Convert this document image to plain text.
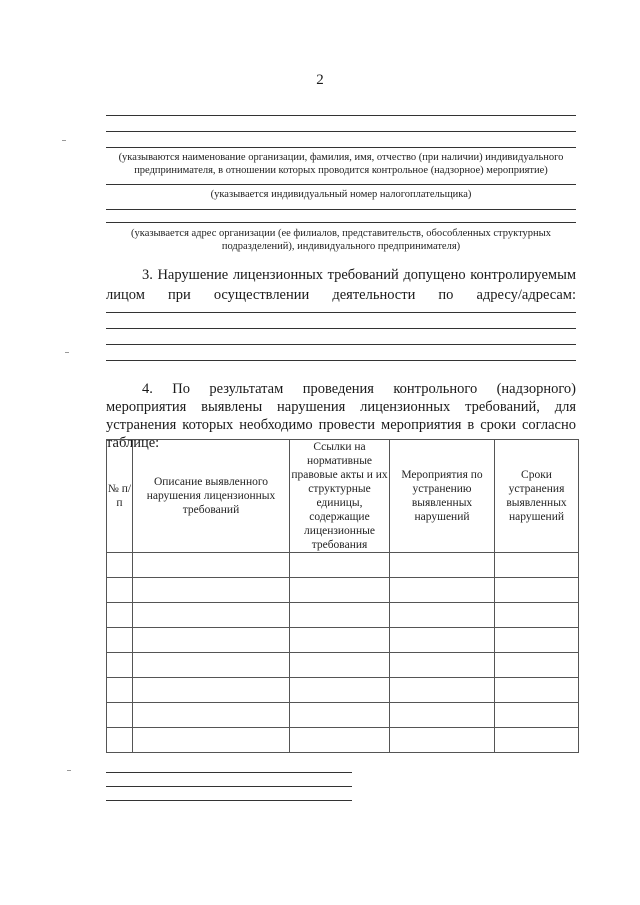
2
(указываются наименование организации, фамилия, имя, отчество (при наличии) индивидуального предпринимателя, в отношении которых проводится контрольное (надзорное) мероприятие)
(указывается индивидуальный номер налогоплательщика)
(указывается адрес организации (ее филиалов, представительств, обособленных структурных подразделений), индивидуального предпринимателя)
3. Нарушение лицензионных требований допущено контролируемым
лицом при осуществлении деятельности по адресу/адресам:
4. По результатам проведения контрольного (надзорного) мероприятия выявлены нарушения лицензионных требований, для устранения которых необходимо провести мероприятия в сроки согласно таблице:
№ п/п	Описание выявленного нарушения лицензионных требований	Ссылки на нормативные правовые акты и их структурные единицы, содержащие лицензионные требования	Мероприятия по устранению выявленных нарушений	Сроки устранения выявленных нарушений
